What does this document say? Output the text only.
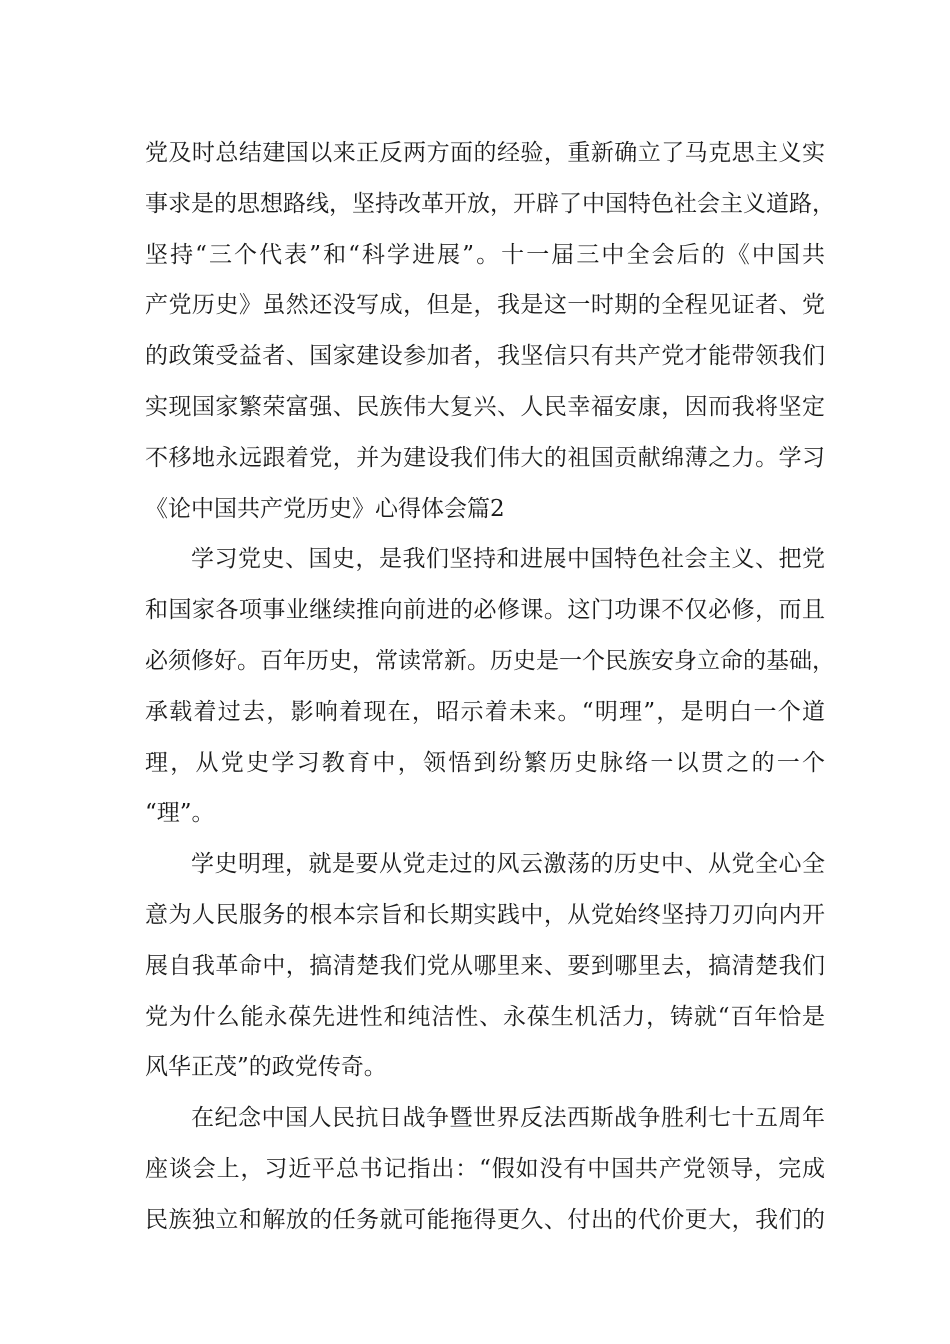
党及时总结建国以来正反两方面的经验，重新确立了马克思主义实
事求是的思想路线，坚持改革开放，开辟了中国特色社会主义道路，
坚持“三个代表”和“科学进展”。十一届三中全会后的《中国共
产党历史》虽然还没写成，但是，我是这一时期的全程见证者、党
的政策受益者、国家建设参加者，我坚信只有共产党才能带领我们
实现国家繁荣富强、民族伟大复兴、人民幸福安康，因而我将坚定
不移地永远跟着党，并为建设我们伟大的祖国贡献绵薄之力。学习
《论中国共产党历史》心得体会篇2
学习党史、国史，是我们坚持和进展中国特色社会主义、把党
和国家各项事业继续推向前进的必修课。这门功课不仅必修，而且
必须修好。百年历史，常读常新。历史是一个民族安身立命的基础，
承载着过去，影响着现在，昭示着未来。“明理”，是明白一个道
理，从党史学习教育中，领悟到纷繁历史脉络一以贯之的一个
“理”。
学史明理，就是要从党走过的风云激荡的历史中、从党全心全
意为人民服务的根本宗旨和长期实践中，从党始终坚持刀刃向内开
展自我革命中，搞清楚我们党从哪里来、要到哪里去，搞清楚我们
党为什么能永葆先进性和纯洁性、永葆生机活力，铸就“百年恰是
风华正茂”的政党传奇。
在纪念中国人民抗日战争暨世界反法西斯战争胜利七十五周年
座谈会上，习近平总书记指出：“假如没有中国共产党领导，完成
民族独立和解放的任务就可能拖得更久、付出的代价更大，我们的
